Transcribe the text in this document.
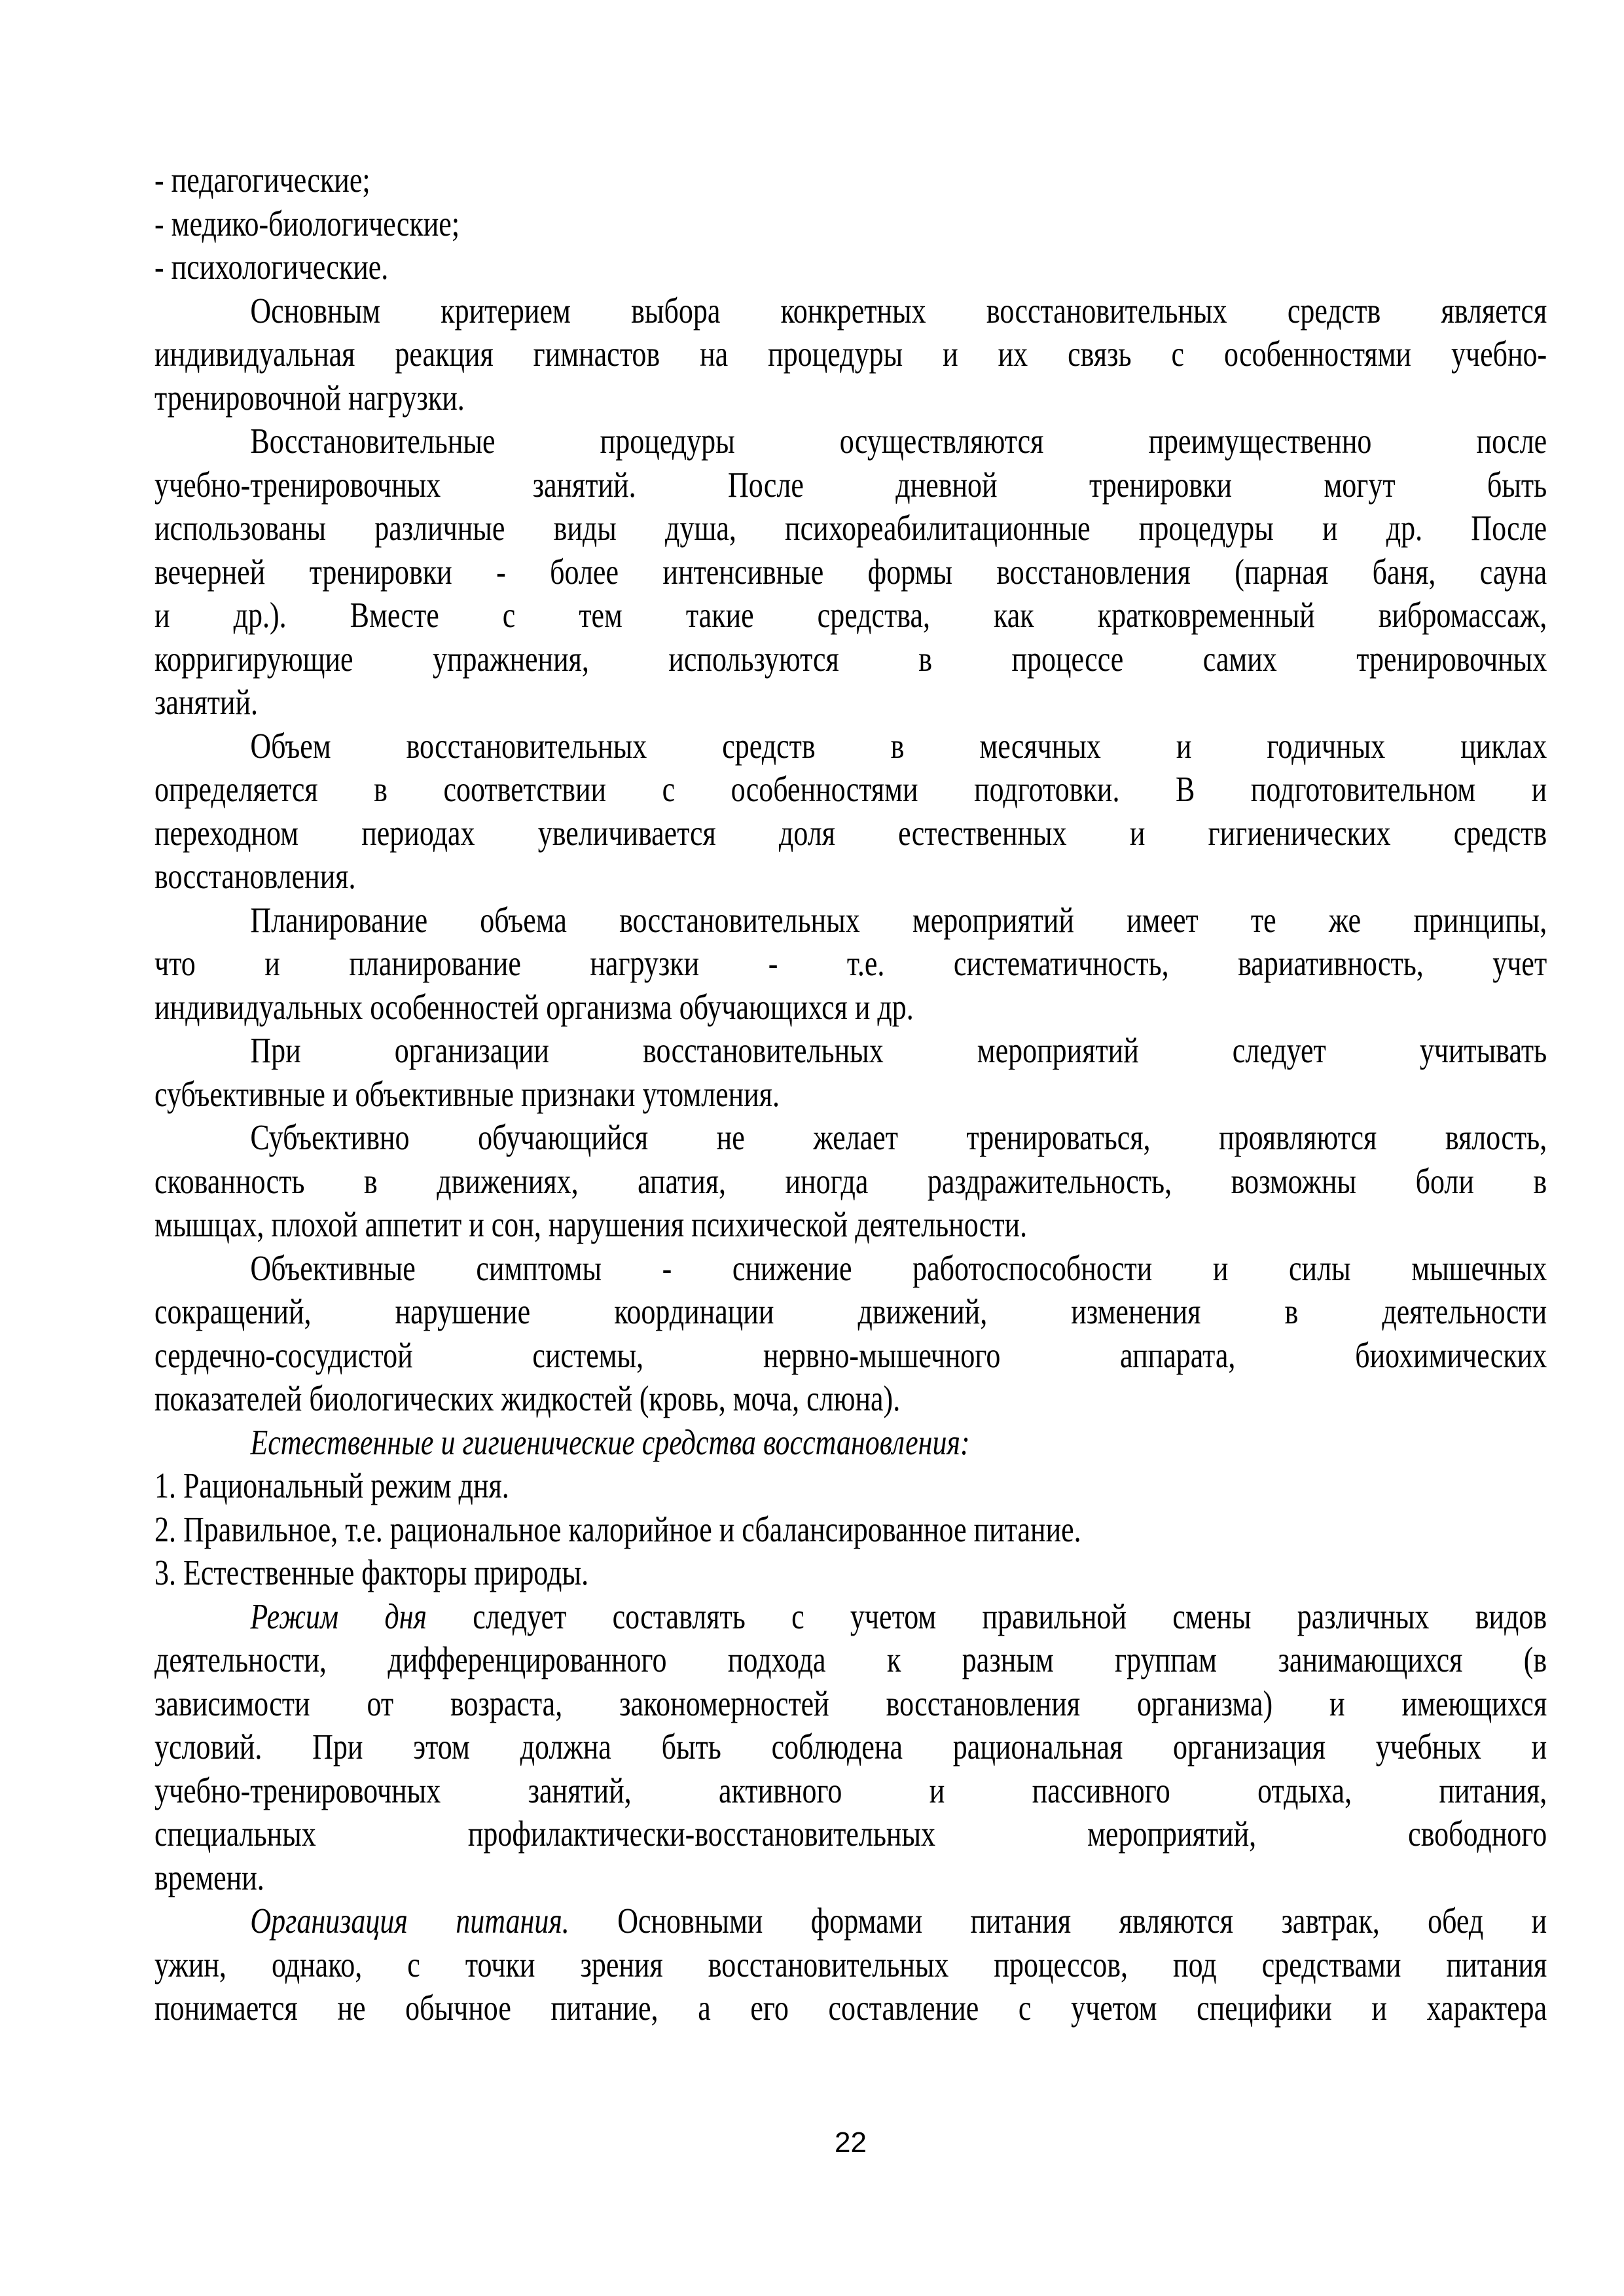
- педагогические;
- медико-биологические;
- психологические.
Основным критерием выбора конкретных восстановительных средств является
индивидуальная реакция гимнастов на процедуры и их связь с особенностями учебно-
тренировочной нагрузки.
Восстановительные процедуры осуществляются преимущественно после
учебно-тренировочных занятий. После дневной тренировки могут быть
использованы различные виды душа, психореабилитационные процедуры и др. После
вечерней тренировки - более интенсивные формы восстановления (парная баня, сауна
и др.). Вместе с тем такие средства, как кратковременный вибромассаж,
корригирующие упражнения, используются в процессе самих тренировочных
занятий.
Объем восстановительных средств в месячных и годичных циклах
определяется в соответствии с особенностями подготовки. В подготовительном и
переходном периодах увеличивается доля естественных и гигиенических средств
восстановления.
Планирование объема восстановительных мероприятий имеет те же принципы,
что и планирование нагрузки - т.е. систематичность, вариативность, учет
индивидуальных особенностей организма обучающихся и др.
При организации восстановительных мероприятий следует учитывать
субъективные и объективные признаки утомления.
Субъективно обучающийся не желает тренироваться, проявляются вялость,
скованность в движениях, апатия, иногда раздражительность, возможны боли в
мышцах, плохой аппетит и сон, нарушения психической деятельности.
Объективные симптомы - снижение работоспособности и силы мышечных
сокращений, нарушение координации движений, изменения в деятельности
сердечно-сосудистой системы, нервно-мышечного аппарата, биохимических
показателей биологических жидкостей (кровь, моча, слюна).
Естественные и гигиенические средства восстановления:
1. Рациональный режим дня.
2. Правильное, т.е. рациональное калорийное и сбалансированное питание.
3. Естественные факторы природы.
Режим дня следует составлять с учетом правильной смены различных видов
деятельности, дифференцированного подхода к разным группам занимающихся (в
зависимости от возраста, закономерностей восстановления организма) и имеющихся
условий. При этом должна быть соблюдена рациональная организация учебных и
учебно-тренировочных занятий, активного и пассивного отдыха, питания,
специальных профилактически-восстановительных мероприятий, свободного
времени.
Организация питания. Основными формами питания являются завтрак, обед и
ужин, однако, с точки зрения восстановительных процессов, под средствами питания
понимается не обычное питание, а его составление с учетом специфики и характера
22
